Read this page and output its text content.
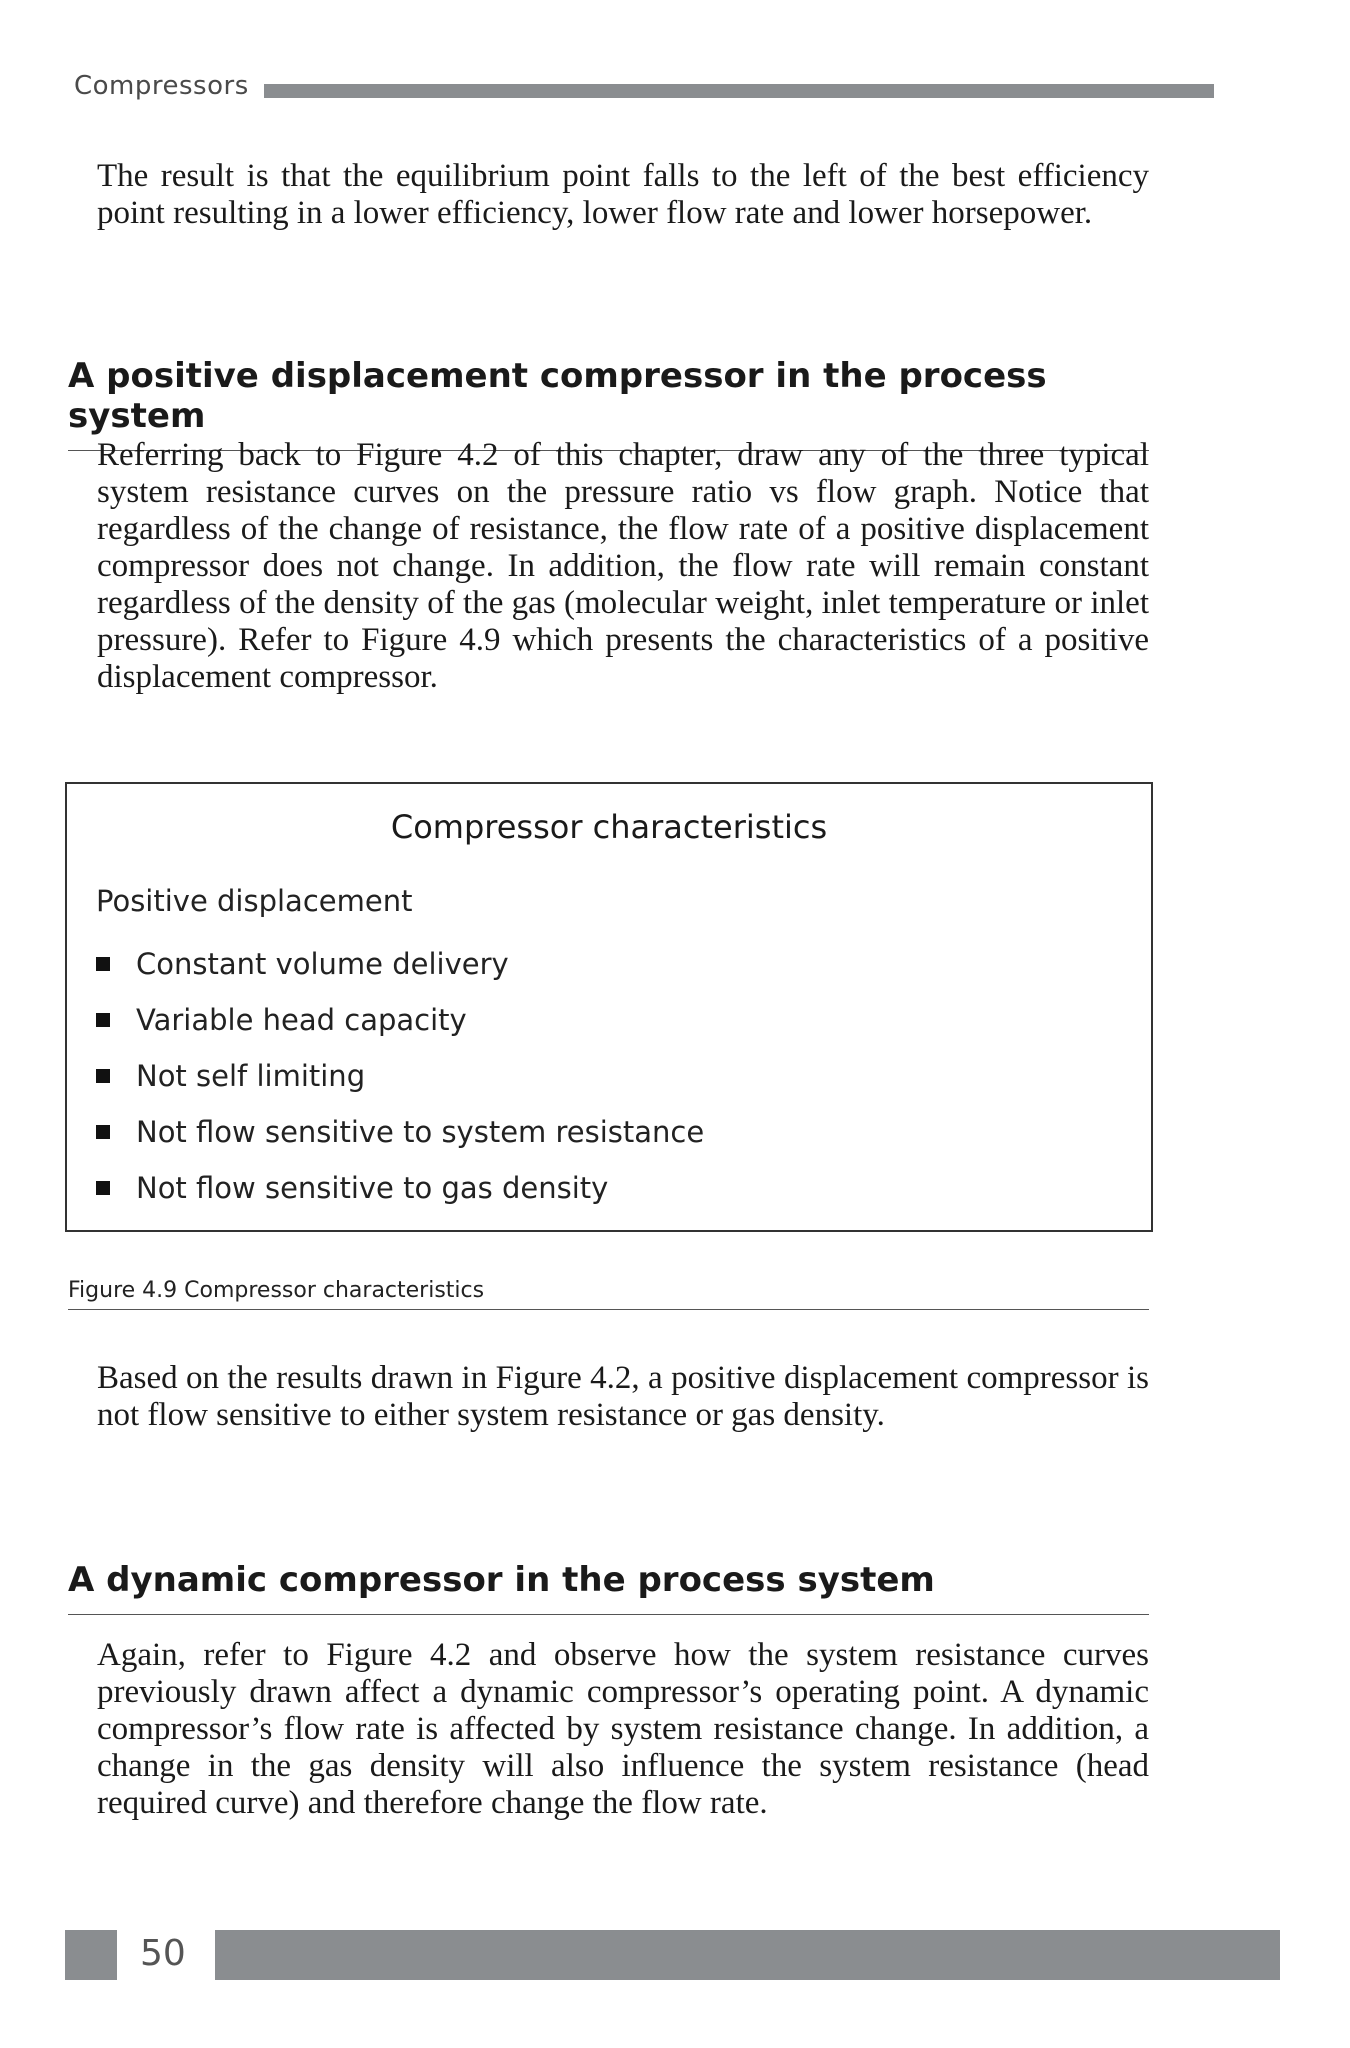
Compressors

The result is that the equilibrium point falls to the left of the best efficiency point resulting in a lower efficiency, lower flow rate and lower horsepower.

A positive displacement compressor in the process system

Referring back to Figure 4.2 of this chapter, draw any of the three typical system resistance curves on the pressure ratio vs flow graph. Notice that regardless of the change of resistance, the flow rate of a positive displacement compressor does not change. In addition, the flow rate will remain constant regardless of the density of the gas (molecular weight, inlet temperature or inlet pressure). Refer to Figure 4.9 which presents the characteristics of a positive displacement compressor.

Compressor characteristics
Positive displacement
Constant volume delivery
Variable head capacity
Not self limiting
Not flow sensitive to system resistance
Not flow sensitive to gas density
Figure 4.9 Compressor characteristics

Based on the results drawn in Figure 4.2, a positive displacement compressor is not flow sensitive to either system resistance or gas density.

A dynamic compressor in the process system

Again, refer to Figure 4.2 and observe how the system resistance curves previously drawn affect a dynamic compressor’s operating point. A dynamic compressor’s flow rate is affected by system resistance change. In addition, a change in the gas density will also influence the system resistance (head required curve) and therefore change the flow rate.

50
